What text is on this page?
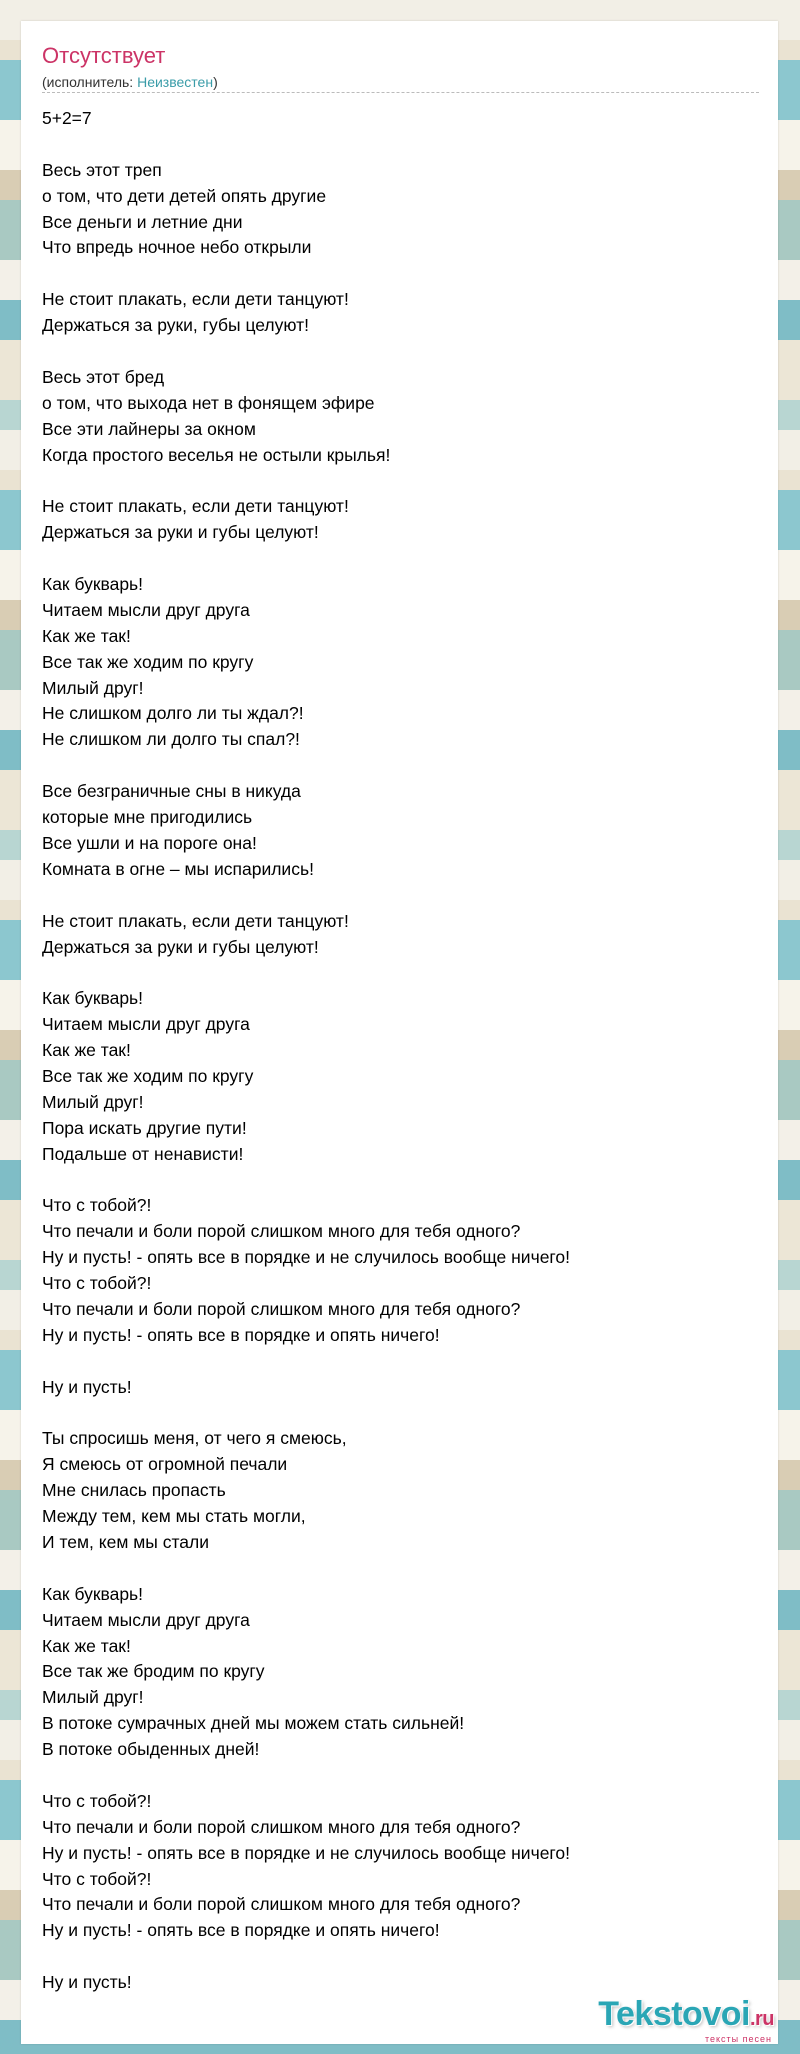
Отсутствует
(исполнитель: Неизвестен)
5+2=7
Весь этот треп
о том, что дети детей опять другие
Все деньги и летние дни
Что впредь ночное небо открыли
Не стоит плакать, если дети танцуют!
Держаться за руки, губы целуют!
Весь этот бред
о том, что выхода нет в фонящем эфире
Все эти лайнеры за окном
Когда простого веселья не остыли крылья!
Не стоит плакать, если дети танцуют!
Держаться за руки и губы целуют!
Как букварь!
Читаем мысли друг друга
Как же так!
Все так же ходим по кругу
Милый друг!
Не слишком долго ли ты ждал?!
Не слишком ли долго ты спал?!
Все безграничные сны в никуда
которые мне пригодились
Все ушли и на пороге она!
Комната в огне – мы испарились!
Не стоит плакать, если дети танцуют!
Держаться за руки и губы целуют!
Как букварь!
Читаем мысли друг друга
Как же так!
Все так же ходим по кругу
Милый друг!
Пора искать другие пути!
Подальше от ненависти!
Что с тобой?!
Что печали и боли порой слишком много для тебя одного?
Ну и пусть! - опять все в порядке и не случилось вообще ничего!
Что с тобой?!
Что печали и боли порой слишком много для тебя одного?
Ну и пусть! - опять все в порядке и опять ничего!
Ну и пусть!
Ты спросишь меня, от чего я смеюсь,
Я смеюсь от огромной печали
Мне снилась пропасть
Между тем, кем мы стать могли,
И тем, кем мы стали
Как букварь!
Читаем мысли друг друга
Как же так!
Все так же бродим по кругу
Милый друг!
В потоке сумрачных дней мы можем стать сильней!
В потоке обыденных дней!
Что с тобой?!
Что печали и боли порой слишком много для тебя одного?
Ну и пусть! - опять все в порядке и не случилось вообще ничего!
Что с тобой?!
Что печали и боли порой слишком много для тебя одного?
Ну и пусть! - опять все в порядке и опять ничего!
Ну и пусть!
Tekstovoi.ru
тексты песен
